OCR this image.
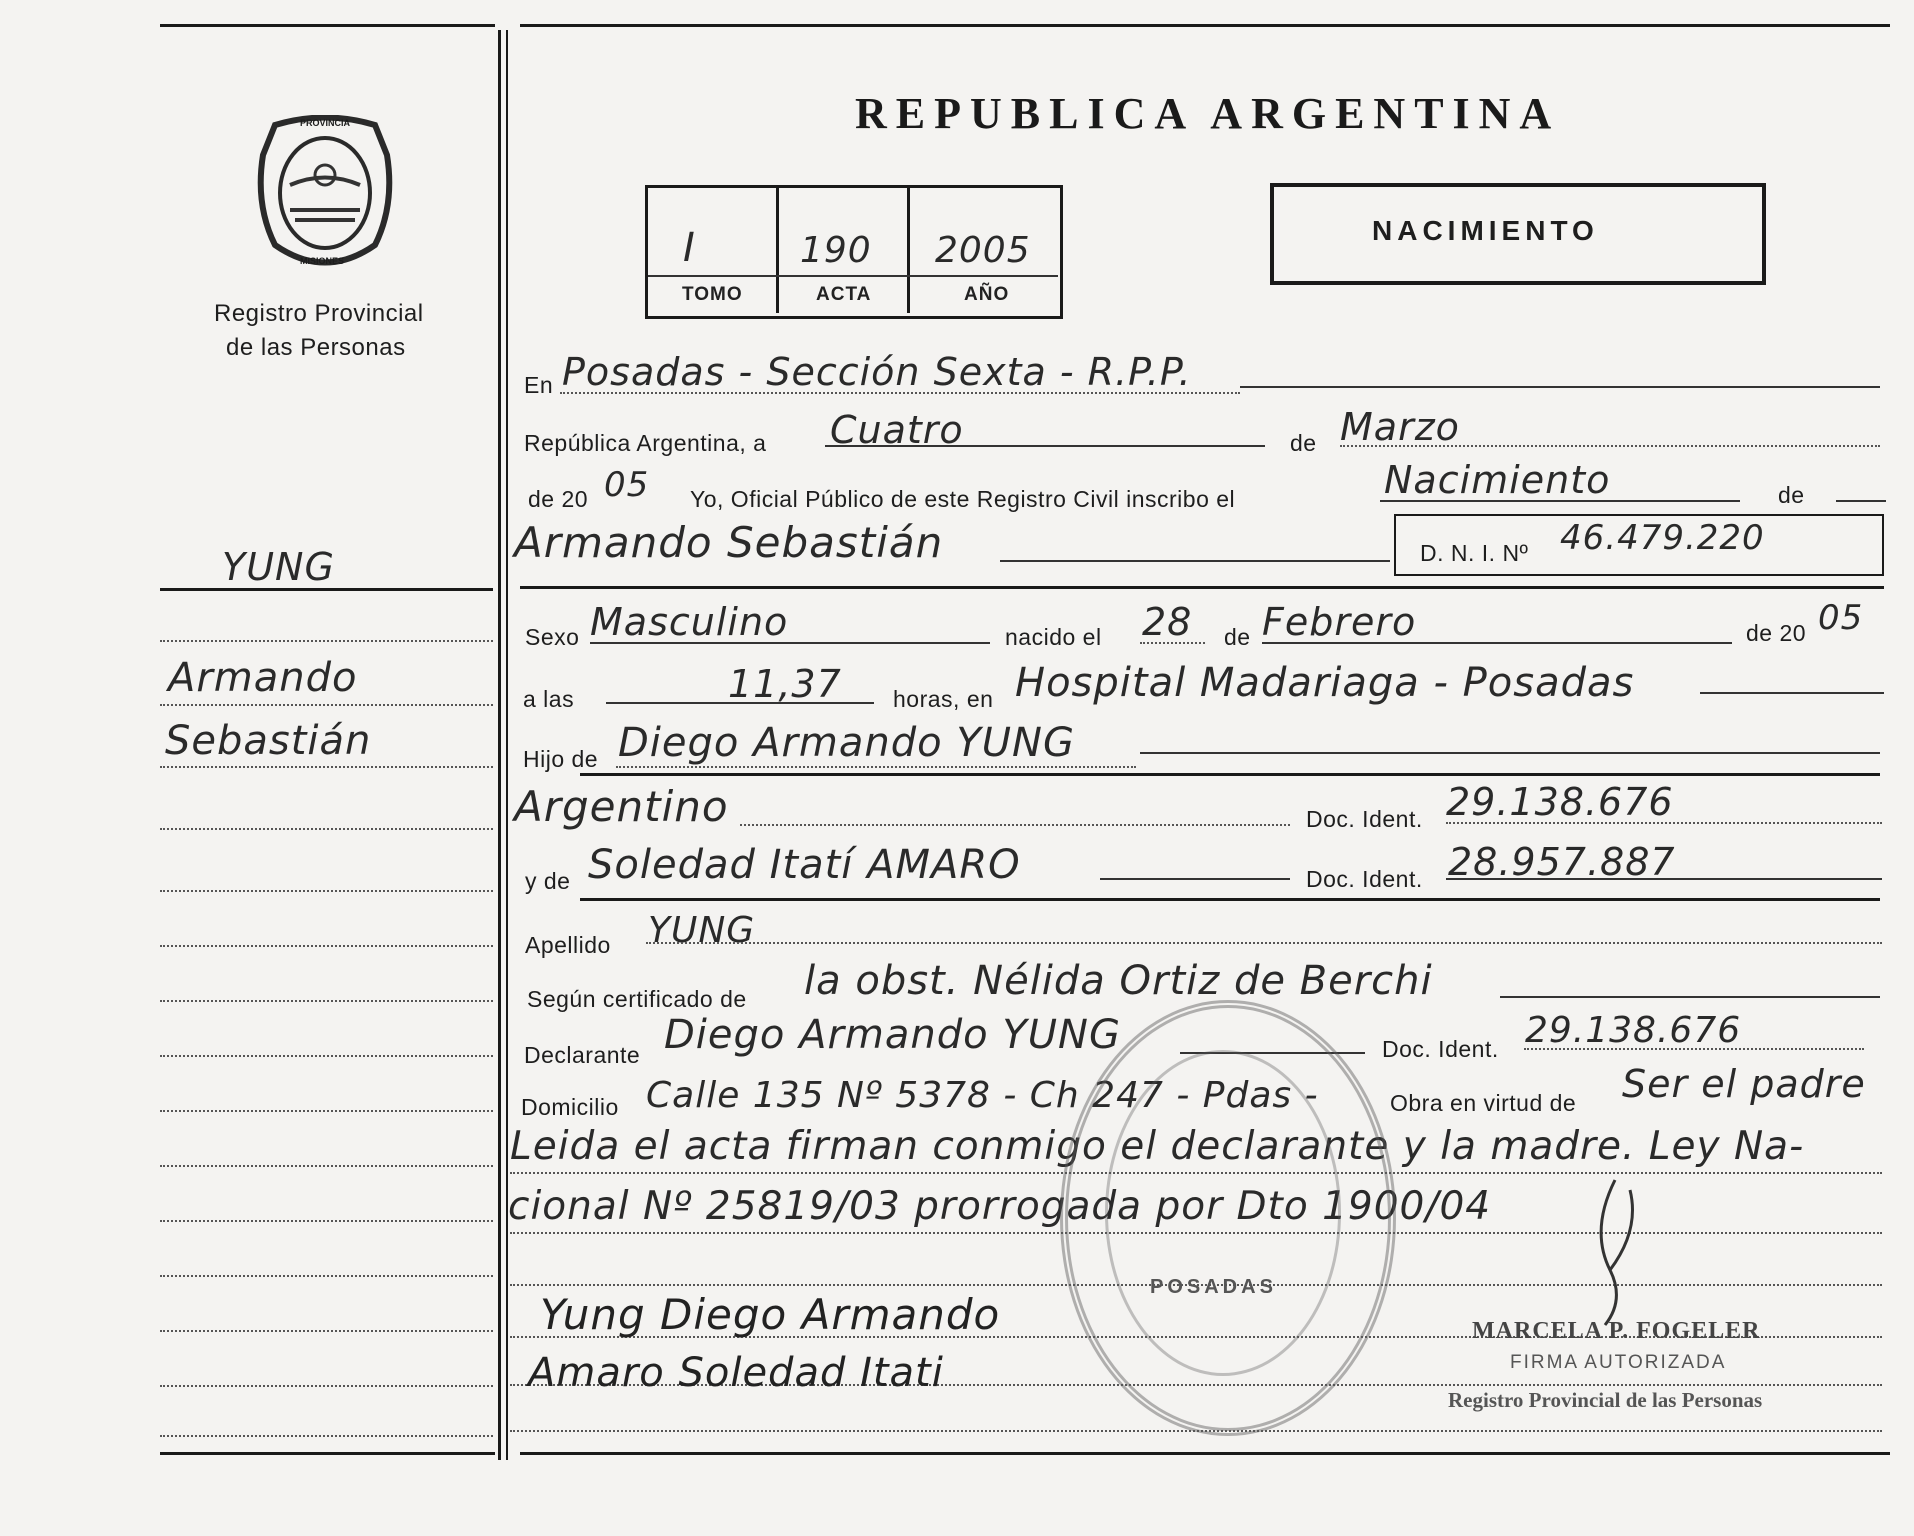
PROVINCIA
MISIONES
Registro Provincial
de las Personas
REPUBLICA ARGENTINA
I	190 2005
TOMO	ACTA	AÑO
NACIMIENTO
YUNG
Armando
Sebastián
En Posadas - Sección Sexta - R.P.P.
República Argentina, a Cuatro	de Marzo
de 20 05 Yo, Oficial Público de este Registro Civil inscribo el	Nacimiento	de
Armando Sebastián	D. N. I. Nº 46.479.220
Sexo Masculino	nacido el 28 de Febrero	de 20 05
a las	11,37 horas, en Hospital Madariaga - Posadas
Hijo de Diego Armando YUNG
Argentino	Doc. Ident. 29.138.676
y de Soledad Itatí AMARO	Doc. Ident. 28.957.887
Apellido YUNG
Según certificado de la obst. Nélida Ortiz de Berchi
Declarante Diego Armando YUNG	Doc. Ident. 29.138.676
Domicilio Calle 135 Nº 5378 - Ch 247 - Pdas -	Obra en virtud de Ser el padre
Leida el acta firman conmigo el declarante y la madre. Ley Na-
cional Nº 25819/03 prorrogada por Dto 1900/04
POSADAS
Yung Diego Armando
Amaro Soledad Itati
MARCELA P. FOGELER
FIRMA AUTORIZADA
Registro Provincial de las Personas
